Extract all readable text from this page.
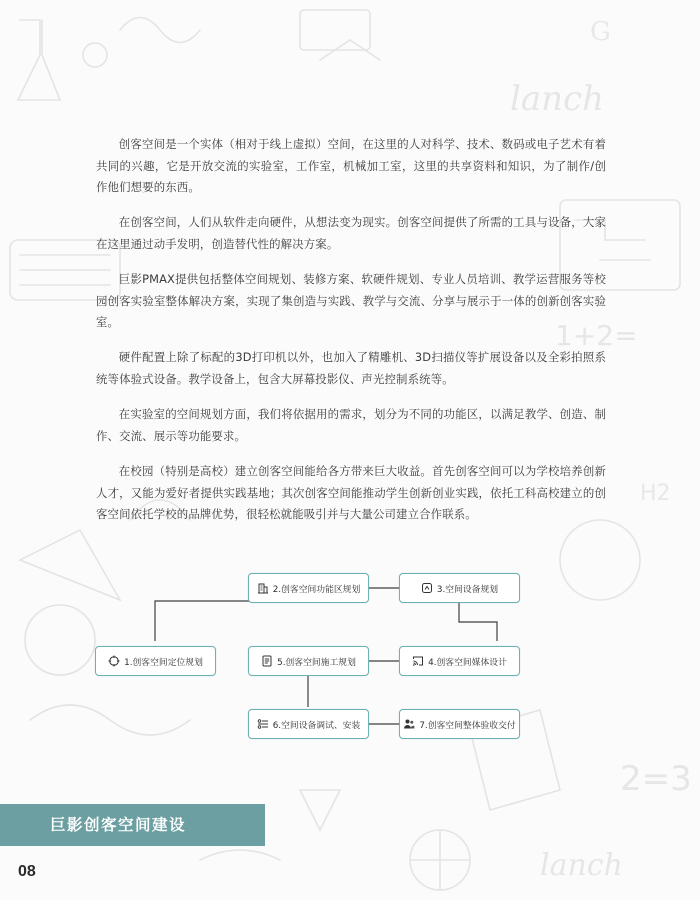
lanch
G
1+2=
2=3
lanch
H2

创客空间是一个实体（相对于线上虚拟）空间，在这里的人对科学、技术、数码或电子艺术有着共同的兴趣，它是开放交流的实验室，工作室，机械加工室，这里的共享资料和知识，为了制作/创作他们想要的东西。

在创客空间，人们从软件走向硬件，从想法变为现实。创客空间提供了所需的工具与设备，大家在这里通过动手发明，创造替代性的解决方案。

巨影PMAX提供包括整体空间规划、装修方案、软硬件规划、专业人员培训、教学运营服务等校园创客实验室整体解决方案，实现了集创造与实践、教学与交流、分享与展示于一体的创新创客实验室。

硬件配置上除了标配的3D打印机以外，也加入了精雕机、3D扫描仪等扩展设备以及全彩拍照系统等体验式设备。教学设备上，包含大屏幕投影仪、声光控制系统等。

在实验室的空间规划方面，我们将依据用的需求，划分为不同的功能区，以满足教学、创造、制作、交流、展示等功能要求。

在校园（特别是高校）建立创客空间能给各方带来巨大收益。首先创客空间可以为学校培养创新人才，又能为爱好者提供实践基地；其次创客空间能推动学生创新创业实践，依托工科高校建立的创客空间依托学校的品牌优势，很轻松就能吸引并与大量公司建立合作联系。

1.创客空间定位规划
2.创客空间功能区规划	3.空间设备规划
4.创客空间媒体设计
5.创客空间施工规划
6.空间设备调试、安装	7.创客空间整体验收交付
巨影创客空间建设
08
